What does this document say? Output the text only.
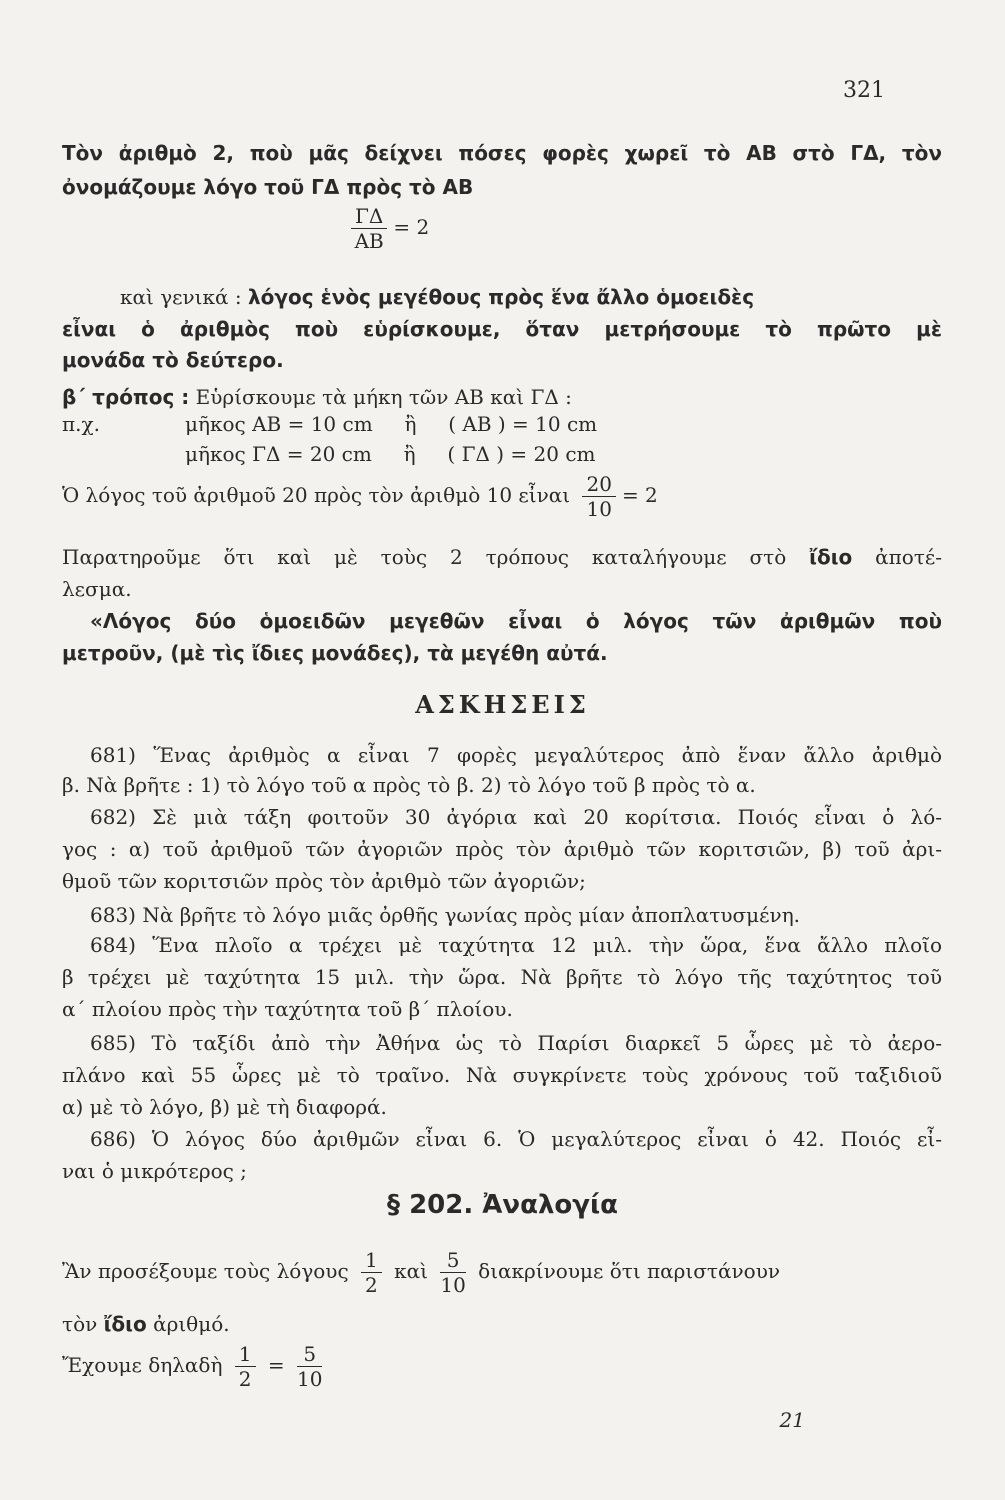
321
Τὸν ἀριθμὸ 2, ποὺ μᾶς δείχνει πόσες φορὲς χωρεῖ τὸ ΑΒ στὸ ΓΔ, τὸν
ὀνομάζουμε λόγο τοῦ ΓΔ πρὸς τὸ ΑΒ
$\frac{\Gamma\Delta}{AB} = 2$
καὶ γενικά : λόγος ἑνὸς μεγέθους πρὸς ἕνα ἄλλο ὁμοειδὲς
εἶναι ὁ ἀριθμὸς ποὺ εὑρίσκουμε, ὅταν μετρήσουμε τὸ πρῶτο μὲ
μονάδα τὸ δεύτερο.
β΄ τρόπος : Εὑρίσκουμε τὰ μήκη τῶν ΑΒ καὶ ΓΔ :
π.χ.	μῆκος ΑΒ = 10 cm     ἢ     ( ΑΒ ) = 10 cm
μῆκος ΓΔ = 20 cm     ἢ     ( ΓΔ ) = 20 cm
Ὁ λόγος τοῦ ἀριθμοῦ 20 πρὸς τὸν ἀριθμὸ 10 εἶναι $\frac{20}{10} = 2$
Παρατηροῦμε ὅτι καὶ μὲ τοὺς 2 τρόπους καταλήγουμε στὸ ἴδιο ἀποτέ-
λεσμα.
«Λόγος δύο ὁμοειδῶν μεγεθῶν εἶναι ὁ λόγος τῶν ἀριθμῶν ποὺ
μετροῦν, (μὲ τὶς ἴδιες μονάδες), τὰ μεγέθη αὐτά.
ΑΣΚΗΣΕΙΣ
681) Ἕνας ἀριθμὸς α εἶναι 7 φορὲς μεγαλύτερος ἀπὸ ἕναν ἄλλο ἀριθμὸ
β. Νὰ βρῆτε : 1) τὸ λόγο τοῦ α πρὸς τὸ β. 2) τὸ λόγο τοῦ β πρὸς τὸ α.
682) Σὲ μιὰ τάξη φοιτοῦν 30 ἀγόρια καὶ 20 κορίτσια. Ποιός εἶναι ὁ λό-
γος : α) τοῦ ἀριθμοῦ τῶν ἀγοριῶν πρὸς τὸν ἀριθμὸ τῶν κοριτσιῶν, β) τοῦ ἀρι-
θμοῦ τῶν κοριτσιῶν πρὸς τὸν ἀριθμὸ τῶν ἀγοριῶν;
683) Νὰ βρῆτε τὸ λόγο μιᾶς ὀρθῆς γωνίας πρὸς μίαν ἀποπλατυσμένη.
684) Ἕνα πλοῖο α τρέχει μὲ ταχύτητα 12 μιλ. τὴν ὥρα, ἕνα ἄλλο πλοῖο
β τρέχει μὲ ταχύτητα 15 μιλ. τὴν ὥρα. Νὰ βρῆτε τὸ λόγο τῆς ταχύτητος τοῦ
α΄ πλοίου πρὸς τὴν ταχύτητα τοῦ β΄ πλοίου.
685) Τὸ ταξίδι ἀπὸ τὴν Ἀθήνα ὡς τὸ Παρίσι διαρκεῖ 5 ὧρες μὲ τὸ ἀερο-
πλάνο καὶ 55 ὧρες μὲ τὸ τραῖνο. Νὰ συγκρίνετε τοὺς χρόνους τοῦ ταξιδιοῦ
α) μὲ τὸ λόγο, β) μὲ τὴ διαφορά.
686) Ὁ λόγος δύο ἀριθμῶν εἶναι 6. Ὁ μεγαλύτερος εἶναι ὁ 42. Ποιός εἶ-
ναι ὁ μικρότερος ;
§ 202. Ἀναλογία
Ἂν προσέξουμε τοὺς λόγους $\frac{1}{2}$ καὶ $\frac{5}{10}$ διακρίνουμε ὅτι παριστάνουν
τὸν ἴδιο ἀριθμό.
Ἔχουμε δηλαδὴ $\frac{1}{2} = \frac{5}{10}$
21
